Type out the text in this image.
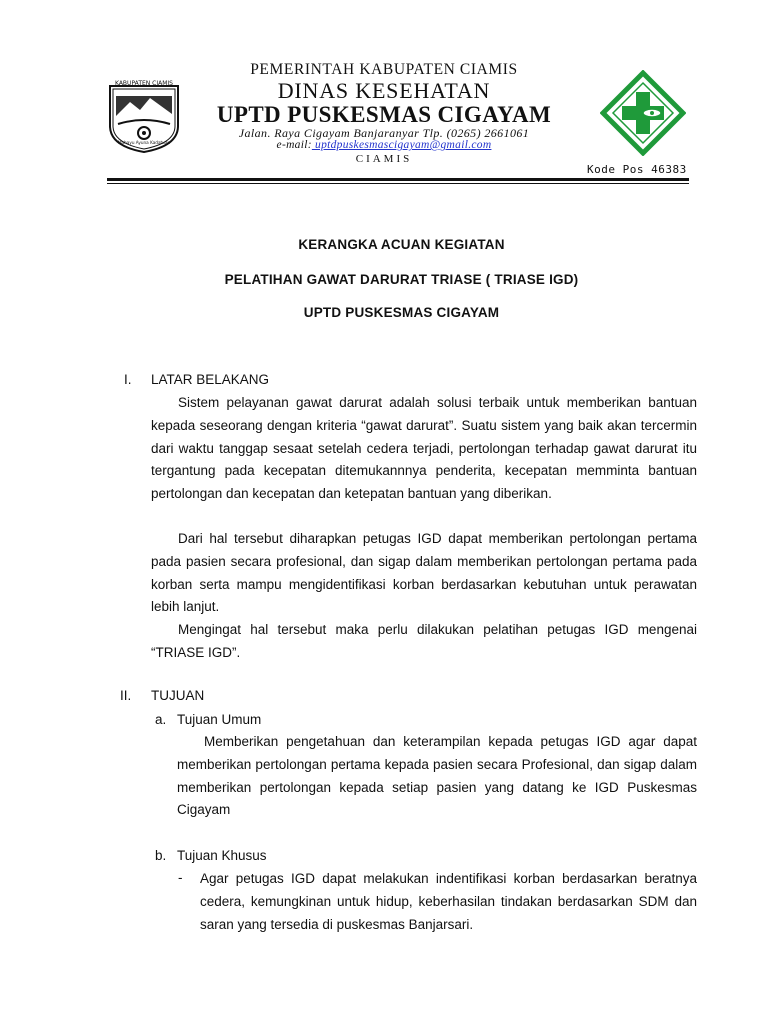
KABUPATEN CIAMIS
Mahayu Ayuna Kadatuan
PEMERINTAH KABUPATEN CIAMIS
DINAS KESEHATAN
UPTD PUSKESMAS CIGAYAM
Jalan. Raya Cigayam Banjaranyar Tlp. (0265) 2661061
e-mail: uptdpuskesmascigayam@gmail.com
CIAMIS
Kode Pos 46383
KERANGKA ACUAN KEGIATAN
PELATIHAN GAWAT DARURAT TRIASE ( TRIASE IGD)
UPTD PUSKESMAS CIGAYAM
I. LATAR BELAKANG
Sistem pelayanan gawat darurat adalah solusi terbaik untuk memberikan bantuan kepada seseorang dengan kriteria “gawat darurat”. Suatu sistem yang baik akan tercermin dari waktu tanggap sesaat setelah cedera terjadi, pertolongan terhadap gawat darurat itu tergantung pada kecepatan ditemukannnya penderita, kecepatan memminta bantuan pertolongan dan kecepatan dan ketepatan bantuan yang diberikan.
Dari hal tersebut diharapkan petugas IGD dapat memberikan pertolongan pertama pada pasien secara profesional, dan sigap dalam memberikan pertolongan pertama pada korban serta mampu mengidentifikasi korban berdasarkan kebutuhan untuk perawatan lebih lanjut.
Mengingat hal tersebut maka perlu dilakukan pelatihan petugas IGD mengenai “TRIASE IGD”.
II. TUJUAN
a. Tujuan Umum
Memberikan pengetahuan dan keterampilan kepada petugas IGD agar dapat memberikan pertolongan pertama kepada pasien secara Profesional, dan sigap dalam memberikan pertolongan kepada setiap pasien yang datang ke IGD Puskesmas Cigayam
b. Tujuan Khusus
- Agar petugas IGD dapat melakukan indentifikasi korban berdasarkan beratnya cedera, kemungkinan untuk hidup, keberhasilan tindakan berdasarkan SDM dan saran yang tersedia di puskesmas Banjarsari.
